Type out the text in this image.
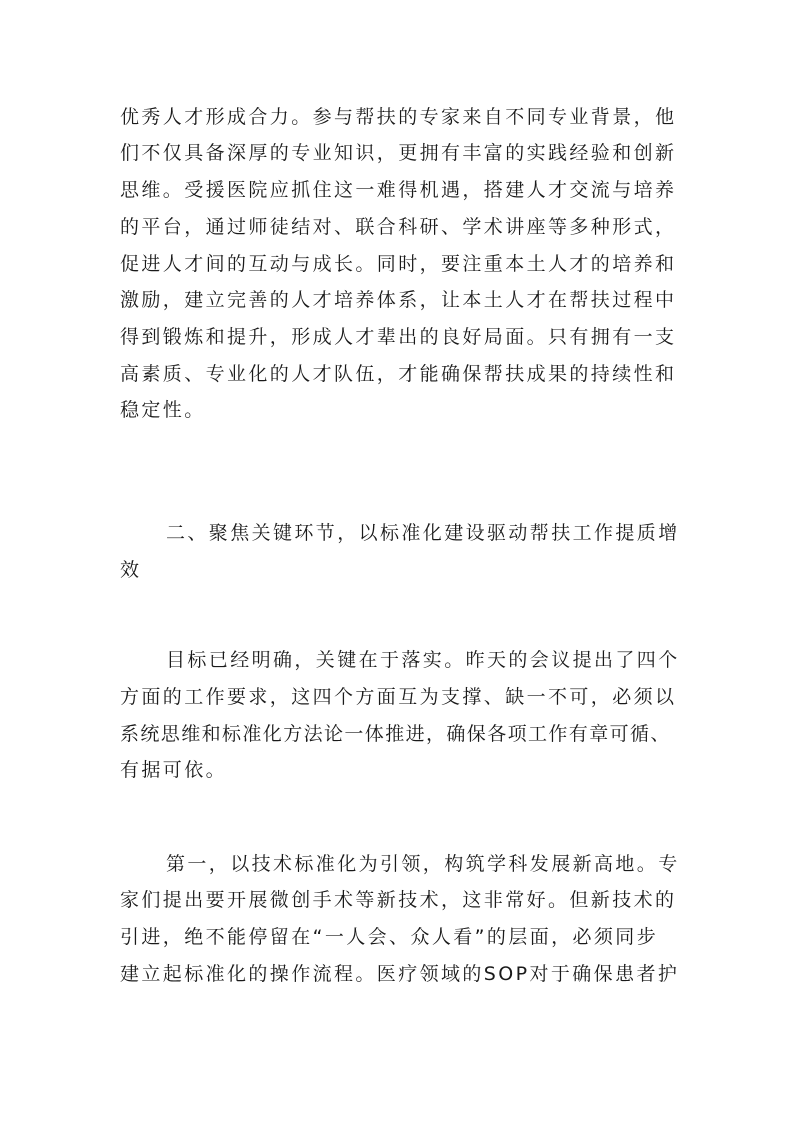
优秀人才形成合力。参与帮扶的专家来自不同专业背景，他
们不仅具备深厚的专业知识，更拥有丰富的实践经验和创新
思维。受援医院应抓住这一难得机遇，搭建人才交流与培养
的平台，通过师徒结对、联合科研、学术讲座等多种形式，
促进人才间的互动与成长。同时，要注重本土人才的培养和
激励，建立完善的人才培养体系，让本土人才在帮扶过程中
得到锻炼和提升，形成人才辈出的良好局面。只有拥有一支
高素质、专业化的人才队伍，才能确保帮扶成果的持续性和
稳定性。
二、聚焦关键环节，以标准化建设驱动帮扶工作提质增
效
目标已经明确，关键在于落实。昨天的会议提出了四个
方面的工作要求，这四个方面互为支撑、缺一不可，必须以
系统思维和标准化方法论一体推进，确保各项工作有章可循、
有据可依。
第一，以技术标准化为引领，构筑学科发展新高地。专
家们提出要开展微创手术等新技术，这非常好。但新技术的
引进，绝不能停留在“一人会、众人看”的层面，必须同步
建立起标准化的操作流程。医疗领域的SOP对于确保患者护
